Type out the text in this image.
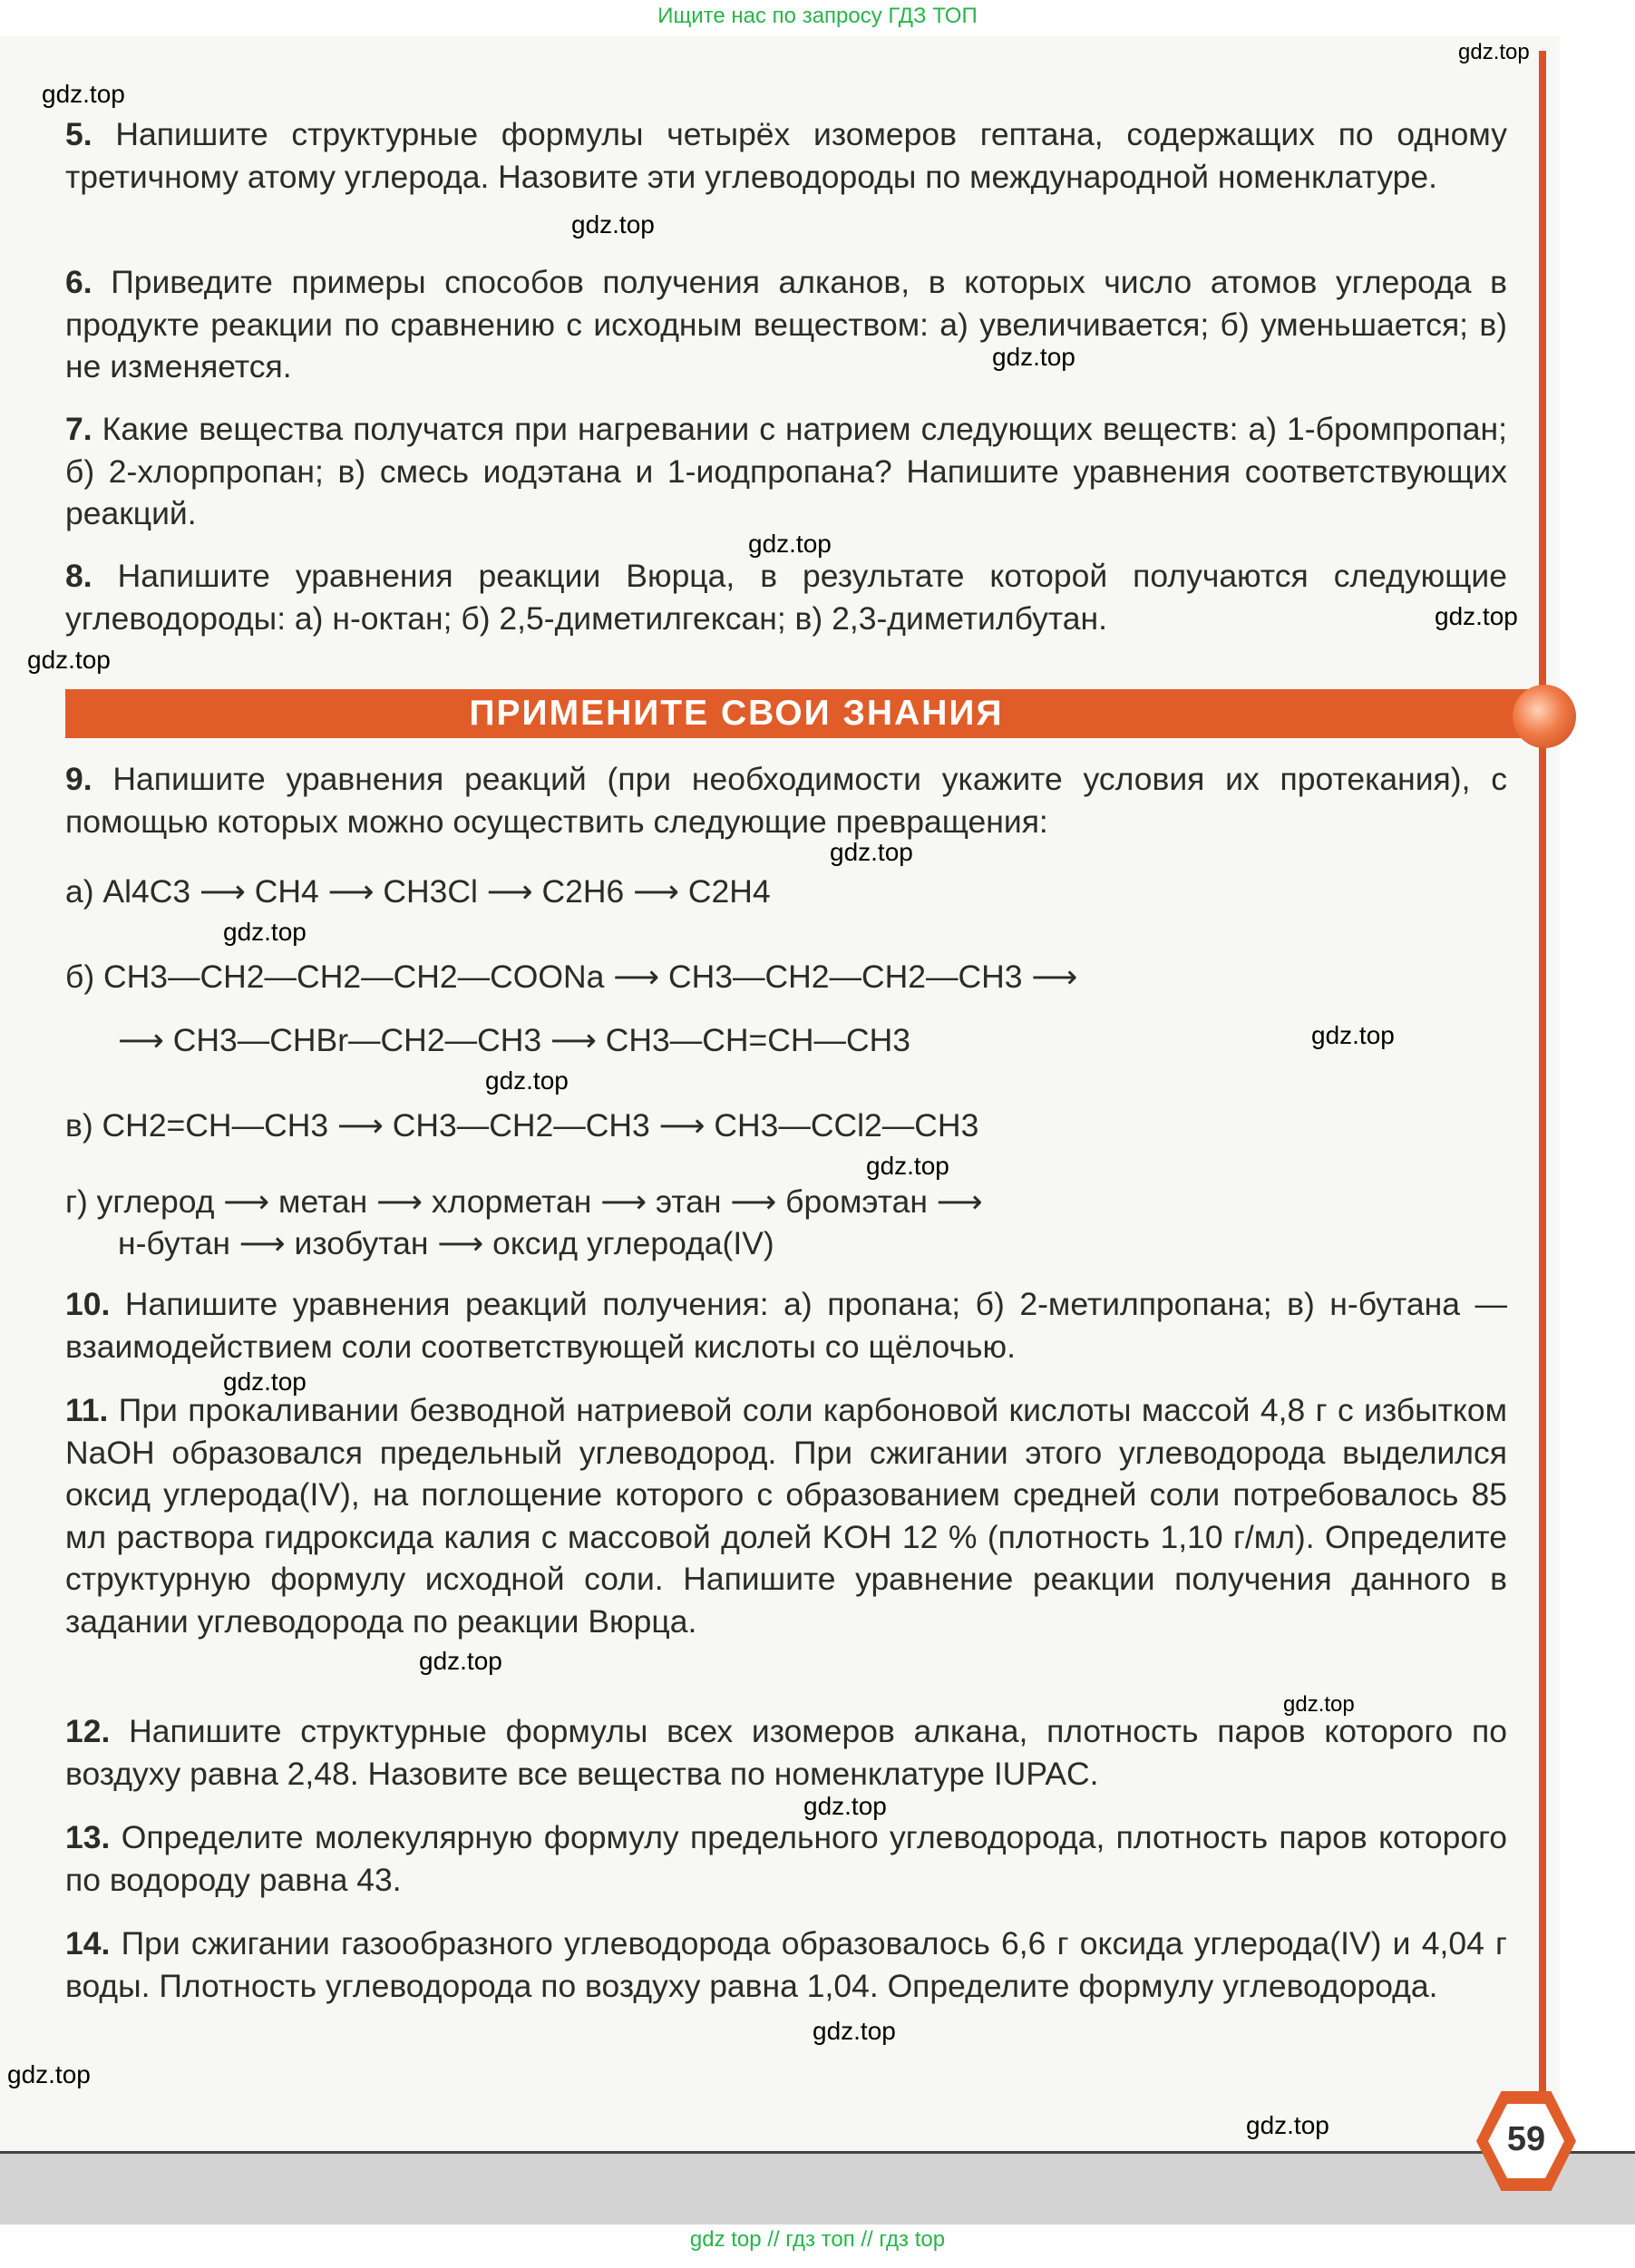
Ищите нас по запросу ГДЗ ТОП
gdz.top
gdz.top
gdz.top
gdz.top
gdz.top
gdz.top
gdz.top
gdz.top
gdz.top
gdz.top
gdz.top
gdz.top
gdz.top
gdz.top
gdz.top
gdz.top
gdz.top
gdz.top
gdz.top
5. Напишите структурные формулы четырёх изомеров гептана, содержащих по одному третичному атому углерода. Назовите эти углеводороды по международной номенклатуре.
6. Приведите примеры способов получения алканов, в которых число атомов углерода в продукте реакции по сравнению с исходным веществом: а) увеличивается; б) уменьшается; в) не изменяется.
7. Какие вещества получатся при нагревании с натрием следующих веществ: а) 1-бромпропан; б) 2-хлорпропан; в) смесь иодэтана и 1-иодпропана? Напишите уравнения соответствующих реакций.
8. Напишите уравнения реакции Вюрца, в результате которой получаются следующие углеводороды: а) н-октан; б) 2,5-диметилгексан; в) 2,3-диметилбутан.
ПРИМЕНИТЕ СВОИ ЗНАНИЯ
9. Напишите уравнения реакций (при необходимости укажите условия их протекания), с помощью которых можно осуществить следующие превращения:
а) Al4C3 ⟶ CH4 ⟶ CH3Cl ⟶ C2H6 ⟶ C2H4
б) CH3—CH2—CH2—CH2—COONa ⟶ CH3—CH2—CH2—CH3 ⟶
⟶ CH3—CHBr—CH2—CH3 ⟶ CH3—CH=CH—CH3
в) CH2=CH—CH3 ⟶ CH3—CH2—CH3 ⟶ CH3—CCl2—CH3
г) углерод ⟶ метан ⟶ хлорметан ⟶ этан ⟶ бромэтан ⟶
н-бутан ⟶ изобутан ⟶ оксид углерода(IV)
10. Напишите уравнения реакций получения: а) пропана; б) 2-метилпропана; в) н-бутана — взаимодействием соли соответствующей кислоты со щёлочью.
11. При прокаливании безводной натриевой соли карбоновой кислоты массой 4,8 г с избытком NaOH образовался предельный углеводород. При сжигании этого углеводорода выделился оксид углерода(IV), на поглощение которого с образованием средней соли потребовалось 85 мл раствора гидроксида калия с массовой долей KOH 12 % (плотность 1,10 г/мл). Определите структурную формулу исходной соли. Напишите уравнение реакции получения данного в задании углеводорода по реакции Вюрца.
12. Напишите структурные формулы всех изомеров алкана, плотность паров которого по воздуху равна 2,48. Назовите все вещества по номенклатуре IUPAC.
13. Определите молекулярную формулу предельного углеводорода, плотность паров которого по водороду равна 43.
14. При сжигании газообразного углеводорода образовалось 6,6 г оксида углерода(IV) и 4,04 г воды. Плотность углеводорода по воздуху равна 1,04. Определите формулу углеводорода.
59
gdz top // гдз топ // гдз top
